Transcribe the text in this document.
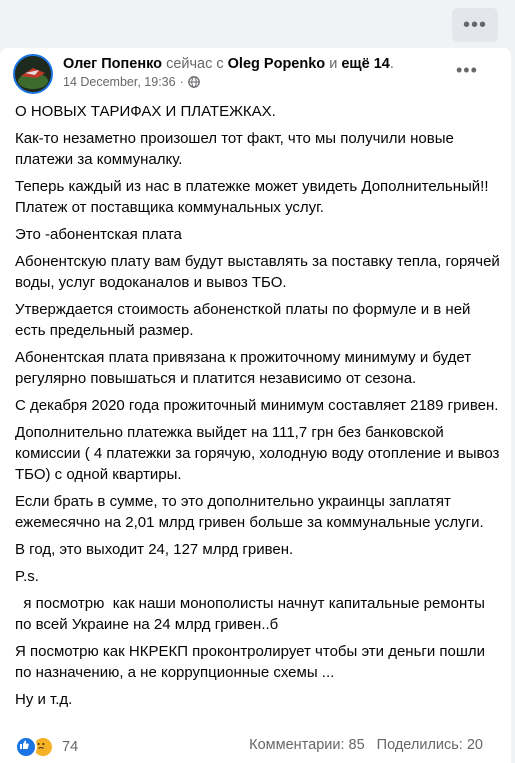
•••
Олег Попенко сейчас с Oleg Popenko и ещё 14.
14 December, 19:36 ·
•••

О НОВЫХ ТАРИФАХ И ПЛАТЕЖКАХ.

Как-то незаметно произошел тот факт, что мы получили новые платежи за коммуналку.

Теперь каждый из нас в платежке может увидеть Дополнительный!! Платеж от поставщика коммунальных услуг.

Это -абонентская плата

Абонентскую плату вам будут выставлять за поставку тепла, горячей воды, услуг водоканалов и вывоз ТБО.

Утверждается стоимость абоненсткой платы по формуле и в ней есть предельный размер.

Абонентская плата привязана к прожиточному минимуму и будет регулярно повышаться и платится независимо от сезона.

С декабря 2020 года прожиточный минимум составляет 2189 гривен.

Дополнительно платежка выйдет на 111,7 грн без банковской комиссии ( 4 платежки за горячую, холодную воду отопление и вывоз ТБО) с одной квартиры.

Если брать в сумме, то это дополнительно украинцы заплатят ежемесячно на 2,01 млрд гривен больше за коммунальные услуги.

В год, это выходит 24, 127 млрд гривен.

P.s.

я посмотрю  как наши монополисты начнут капитальные ремонты по всей Украине на 24 млрд гривен..б

Я посмотрю как НКРЕКП проконтролирует чтобы эти деньги пошли по назначению, а не коррупционные схемы ...

Ну и т.д.

74	Комментарии: 85 Поделились: 20
